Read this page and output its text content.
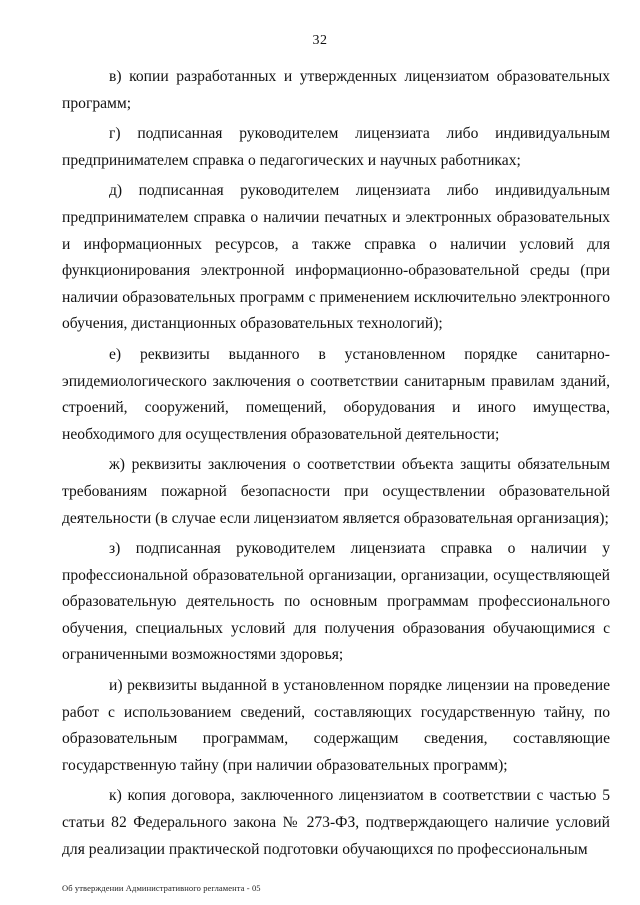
32

в) копии разработанных и утвержденных лицензиатом образовательных программ;

г) подписанная руководителем лицензиата либо индивидуальным предпринимателем справка о педагогических и научных работниках;

д) подписанная руководителем лицензиата либо индивидуальным предпринимателем справка о наличии печатных и электронных образовательных и информационных ресурсов, а также справка о наличии условий для функционирования электронной информационно-образовательной среды (при наличии образовательных программ с применением исключительно электронного обучения, дистанционных образовательных технологий);

е) реквизиты выданного в установленном порядке санитарно-эпидемиологического заключения о соответствии санитарным правилам зданий, строений, сооружений, помещений, оборудования и иного имущества, необходимого для осуществления образовательной деятельности;

ж) реквизиты заключения о соответствии объекта защиты обязательным требованиям пожарной безопасности при осуществлении образовательной деятельности (в случае если лицензиатом является образовательная организация);

з) подписанная руководителем лицензиата справка о наличии у профессиональной образовательной организации, организации, осуществляющей образовательную деятельность по основным программам профессионального обучения, специальных условий для получения образования обучающимися с ограниченными возможностями здоровья;

и) реквизиты выданной в установленном порядке лицензии на проведение работ с использованием сведений, составляющих государственную тайну, по образовательным программам, содержащим сведения, составляющие государственную тайну (при наличии образовательных программ);

к) копия договора, заключенного лицензиатом в соответствии с частью 5 статьи 82 Федерального закона № 273-ФЗ, подтверждающего наличие условий для реализации практической подготовки обучающихся по профессиональным

Об утверждении Административного регламента - 05
